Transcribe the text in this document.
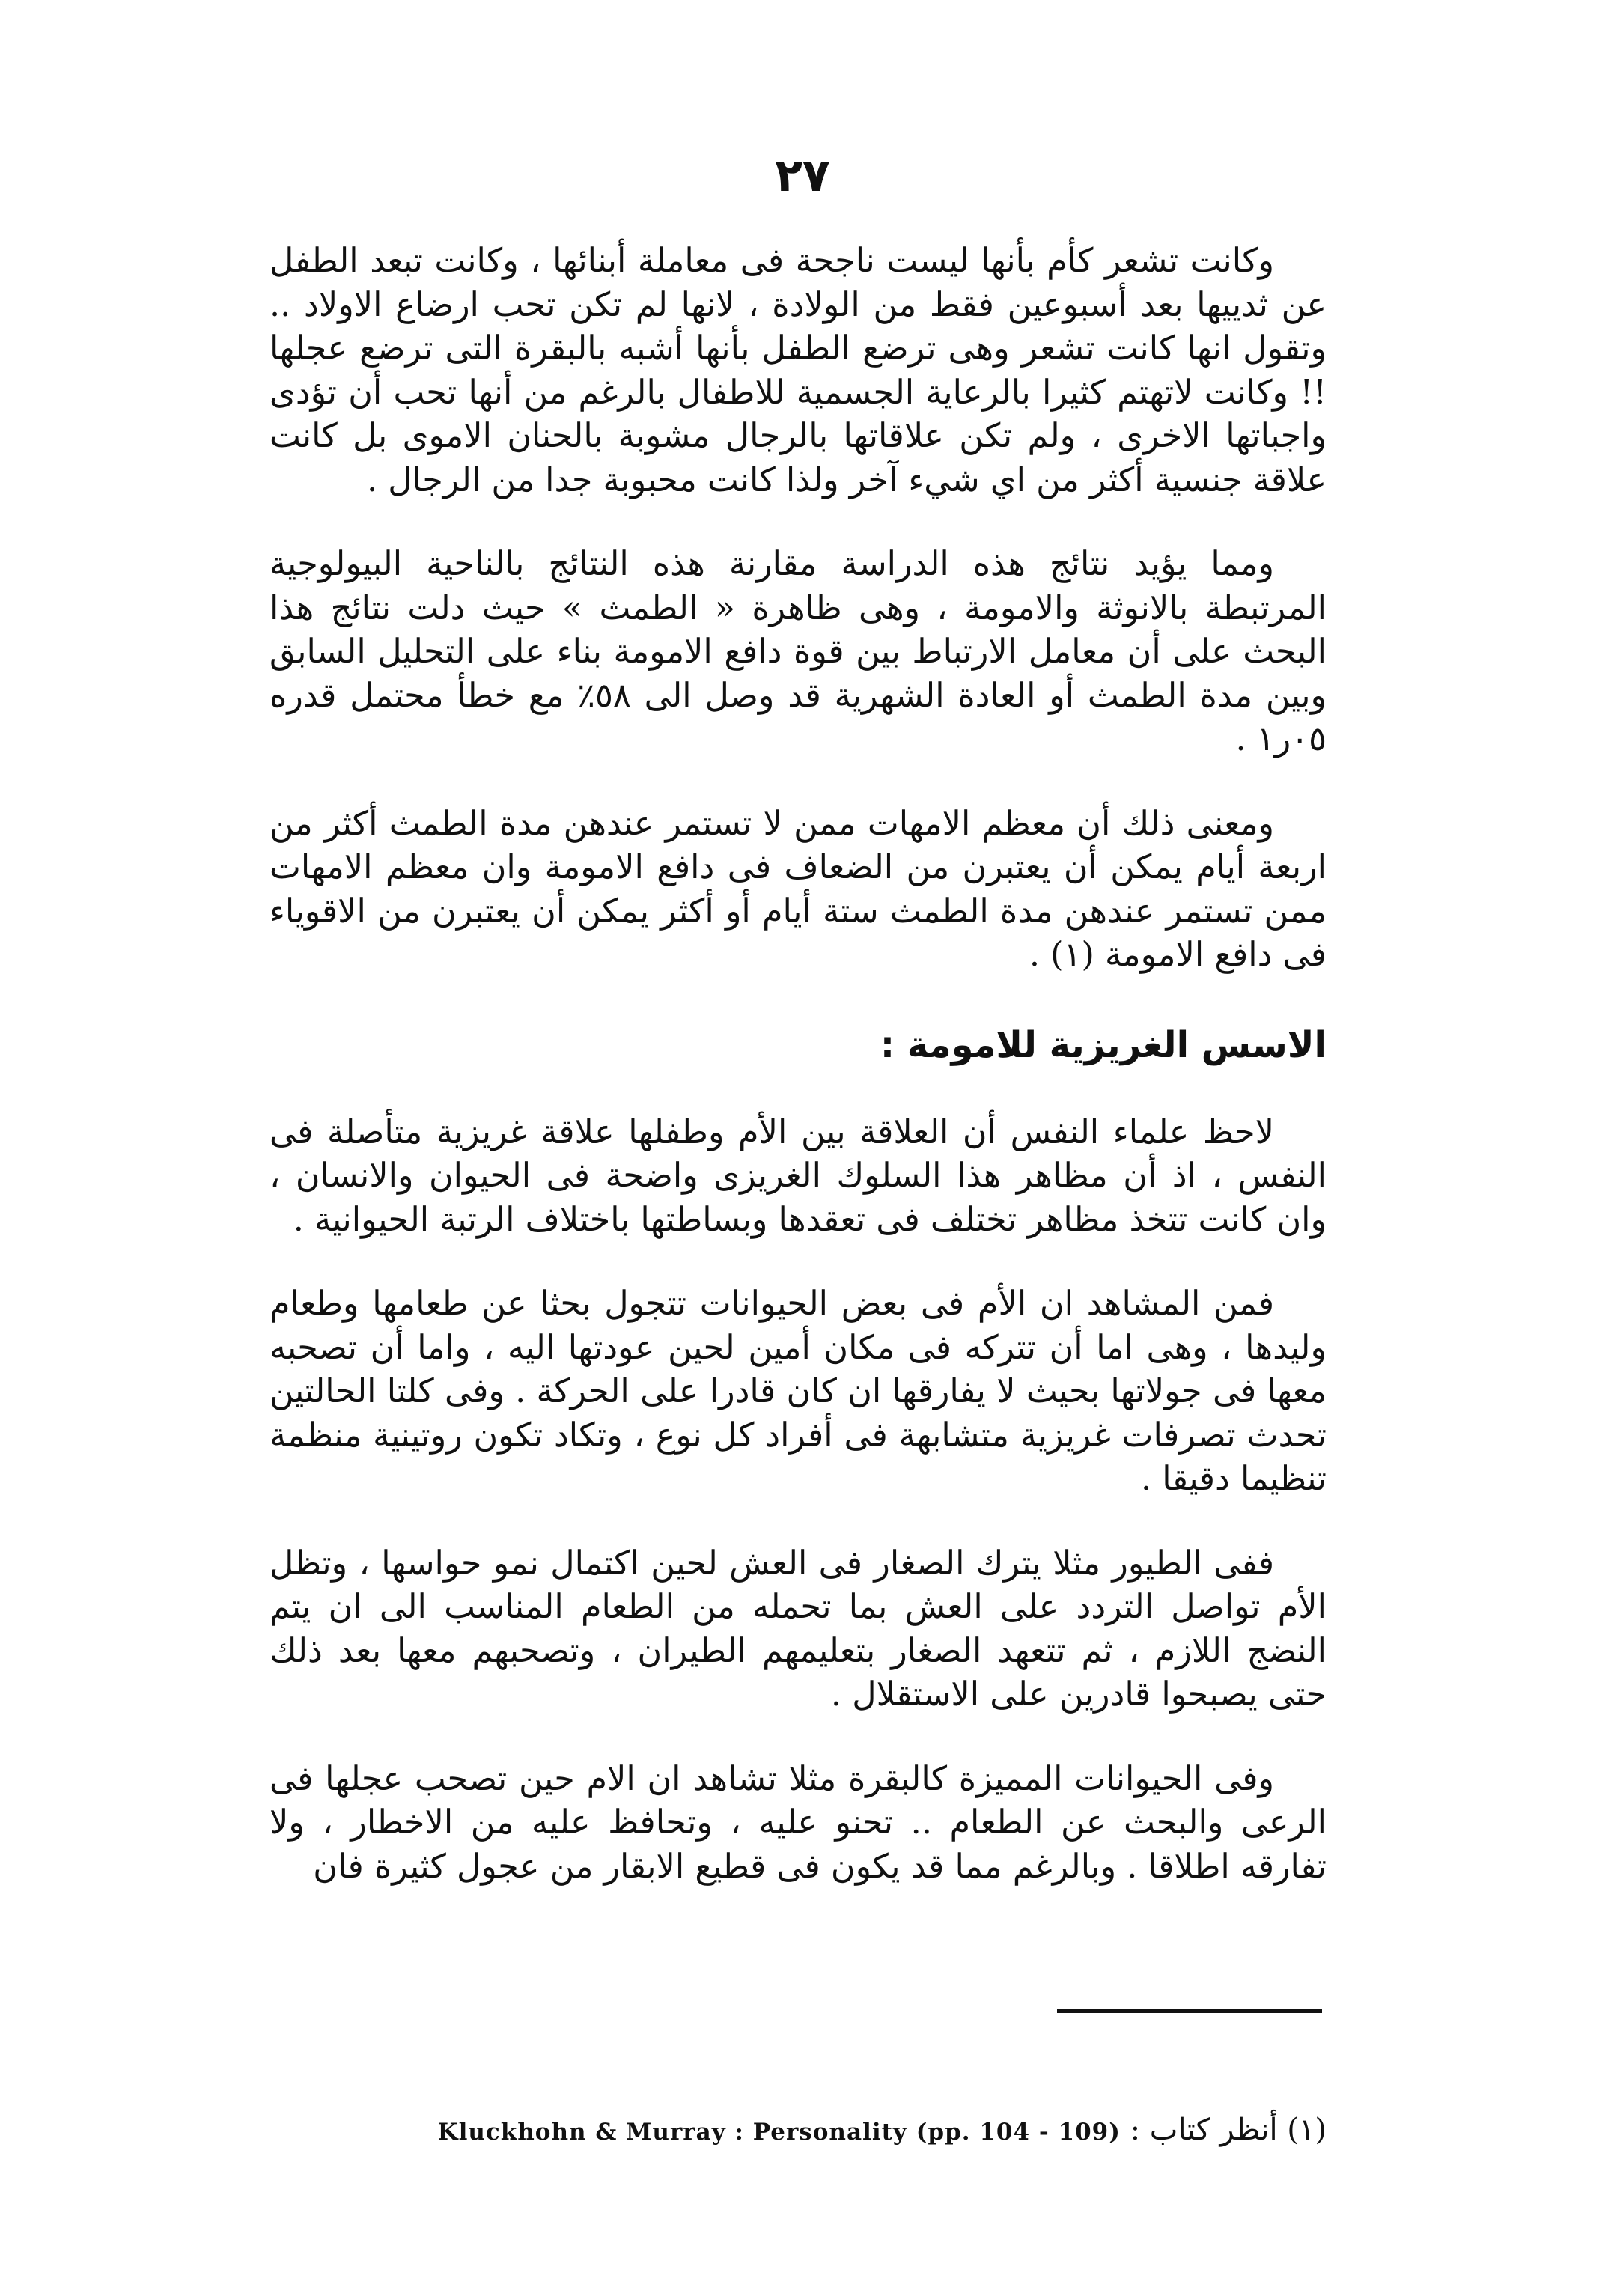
٢٧

وكانت تشعر كأم بأنها ليست ناجحة فى معاملة أبنائها ، وكانت تبعد الطفل عن ثدييها بعد أسبوعين فقط من الولادة ، لانها لم تكن تحب ارضاع الاولاد .. وتقول انها كانت تشعر وهى ترضع الطفل بأنها أشبه بالبقرة التى ترضع عجلها !! وكانت لاتهتم كثيرا بالرعاية الجسمية للاطفال بالرغم من أنها تحب أن تؤدى واجباتها الاخرى ، ولم تكن علاقاتها بالرجال مشوبة بالحنان الاموى بل كانت علاقة جنسية أكثر من اي شيء آخر ولذا كانت محبوبة جدا من الرجال .

ومما يؤيد نتائج هذه الدراسة مقارنة هذه النتائج بالناحية البيولوجية المرتبطة بالانوثة والامومة ، وهى ظاهرة « الطمث » حيث دلت نتائج هذا البحث على أن معامل الارتباط بين قوة دافع الامومة بناء على التحليل السابق وبين مدة الطمث أو العادة الشهرية قد وصل الى ٥٨٪ مع خطأ محتمل قدره ٠٥ر١ .

ومعنى ذلك أن معظم الامهات ممن لا تستمر عندهن مدة الطمث أكثر من اربعة أيام يمكن أن يعتبرن من الضعاف فى دافع الامومة وان معظم الامهات ممن تستمر عندهن مدة الطمث ستة أيام أو أكثر يمكن أن يعتبرن من الاقوياء فى دافع الامومة (١) .

الاسس الغريزية للامومة :

لاحظ علماء النفس أن العلاقة بين الأم وطفلها علاقة غريزية متأصلة فى النفس ، اذ أن مظاهر هذا السلوك الغريزى واضحة فى الحيوان والانسان ، وان كانت تتخذ مظاهر تختلف فى تعقدها وبساطتها باختلاف الرتبة الحيوانية .

فمن المشاهد ان الأم فى بعض الحيوانات تتجول بحثا عن طعامها وطعام وليدها ، وهى اما أن تتركه فى مكان أمين لحين عودتها اليه ، واما أن تصحبه معها فى جولاتها بحيث لا يفارقها ان كان قادرا على الحركة . وفى كلتا الحالتين تحدث تصرفات غريزية متشابهة فى أفراد كل نوع ، وتكاد تكون روتينية منظمة تنظيما دقيقا .

ففى الطيور مثلا يترك الصغار فى العش لحين اكتمال نمو حواسها ، وتظل الأم تواصل التردد على العش بما تحمله من الطعام المناسب الى ان يتم النضج اللازم ، ثم تتعهد الصغار بتعليمهم الطيران ، وتصحبهم معها بعد ذلك حتى يصبحوا قادرين على الاستقلال .

وفى الحيوانات المميزة كالبقرة مثلا تشاهد ان الام حين تصحب عجلها فى الرعى والبحث عن الطعام .. تحنو عليه ، وتحافظ عليه من الاخطار ، ولا تفارقه اطلاقا . وبالرغم مما قد يكون فى قطيع الابقار من عجول كثيرة فان

(١) أنظر كتاب : Kluckhohn & Murray : Personality (pp. 104 - 109)
